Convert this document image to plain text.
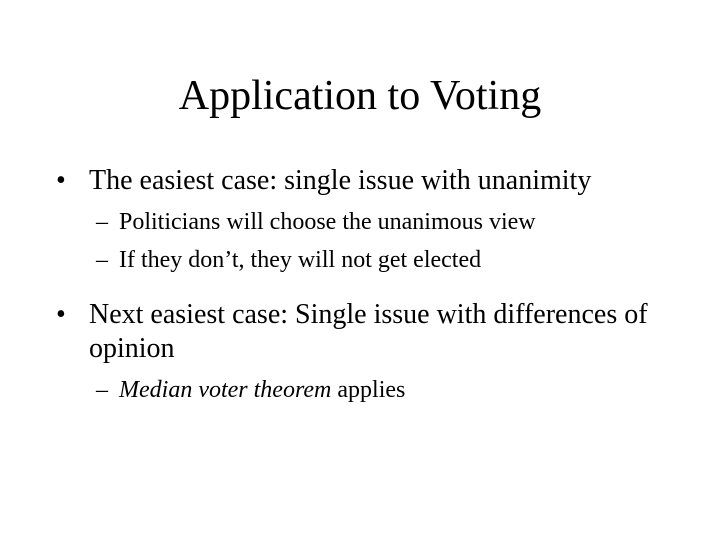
Application to Voting
• The easiest case: single issue with unanimity
– Politicians will choose the unanimous view
– If they don’t, they will not get elected
• Next easiest case: Single issue with differences of opinion
– Median voter theorem applies
